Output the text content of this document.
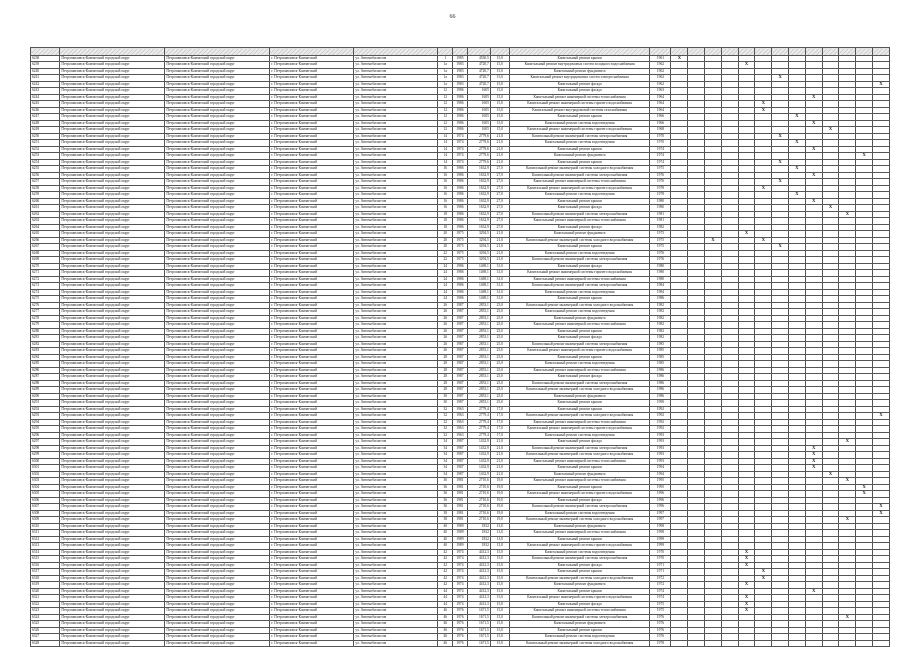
66

6238	Петропавловск-Камчатский городской округ	Петропавловск-Камчатский городской округ	г. Петропавловск-Камчатский	ул. Автомобилистов	1	1985	4530,5	15,0	Капитальный ремонт крыши	1961	X												
6239	Петропавловск-Камчатский городской округ	Петропавловск-Камчатский городской округ	г. Петропавловск-Камчатский	ул. Автомобилистов	1а	1983	4720,7	15,0	Капитальный ремонт внутридомовых систем холодного водоснабжения	1962					X								
6240	Петропавловск-Камчатский городской округ	Петропавловск-Камчатский городской округ	г. Петропавловск-Камчатский	ул. Автомобилистов	1а	1983	4720,7	15,0	Капитальный ремонт фундамента	1962													
6241	Петропавловск-Камчатский городской округ	Петропавловск-Камчатский городской округ	г. Петропавловск-Камчатский	ул. Автомобилистов	1а	1983	4720,7	15,0	Капитальный ремонт внутридомовых систем электроснабжения	1962							X						
6242	Петропавловск-Камчатский городской округ	Петропавловск-Камчатский городской округ	г. Петропавловск-Камчатский	ул. Автомобилистов	1а	1983	4720,7	15,0	Капитальный ремонт фасада	1962													X
6243	Петропавловск-Камчатский городской округ	Петропавловск-Камчатский городской округ	г. Петропавловск-Камчатский	ул. Автомобилистов	12	1986	1605	15,0	Капитальный ремонт фасада	1963													
6244	Петропавловск-Камчатский городской округ	Петропавловск-Камчатский городской округ	г. Петропавловск-Камчатский	ул. Автомобилистов	12	1986	1605	15,0	Капитальный ремонт инженерной системы теплоснабжения	1964									X				
6245	Петропавловск-Камчатский городской округ	Петропавловск-Камчатский городской округ	г. Петропавловск-Камчатский	ул. Автомобилистов	12	1986	1605	15,0	Капитальный ремонт инженерной системы горячего водоснабжения	1964						X							
6246	Петропавловск-Камчатский городской округ	Петропавловск-Камчатский городской округ	г. Петропавловск-Камчатский	ул. Автомобилистов	12	1986	1605	15,0	Капитальный ремонт внутридомовой системы газоснабжения	1964						X							
6247	Петропавловск-Камчатский городской округ	Петропавловск-Камчатский городской округ	г. Петропавловск-Камчатский	ул. Автомобилистов	12	1986	1605	15,0	Капитальный ремонт крыши	1966								X					
6248	Петропавловск-Камчатский городской округ	Петропавловск-Камчатский городской округ	г. Петропавловск-Камчатский	ул. Автомобилистов	12	1986	1605	15,0	Капитальный ремонт системы водоотведения	1966									X				
6249	Петропавловск-Камчатский городской округ	Петропавловск-Камчатский городской округ	г. Петропавловск-Камчатский	ул. Автомобилистов	12	1986	1605	15,0	Капитальный ремонт инженерной системы горячего водоснабжения	1968										X			
6250	Петропавловск-Камчатский городской округ	Петропавловск-Камчатский городской округ	г. Петропавловск-Камчатский	ул. Автомобилистов	14	1974	2779,6	21,0	Капитальный ремонт инженерной системы электроснабжения	1970							X						
6251	Петропавловск-Камчатский городской округ	Петропавловск-Камчатский городской округ	г. Петропавловск-Камчатский	ул. Автомобилистов	14	1974	2779,6	21,0	Капитальный ремонт системы водоотведения	1970								X					
6252	Петропавловск-Камчатский городской округ	Петропавловск-Камчатский городской округ	г. Петропавловск-Камчатский	ул. Автомобилистов	14	1974	2779,6	21,0	Капитальный ремонт крыши	1974									X				
6253	Петропавловск-Камчатский городской округ	Петропавловск-Камчатский городской округ	г. Петропавловск-Камчатский	ул. Автомобилистов	14	1974	2779,6	21,0	Капитальный ремонт фундамента	1974												X	
6254	Петропавловск-Камчатский городской округ	Петропавловск-Камчатский городской округ	г. Петропавловск-Камчатский	ул. Автомобилистов	14	1974	2779,6	21,0	Капитальный ремонт крыши	1974							X						
6255	Петропавловск-Камчатский городской округ	Петропавловск-Камчатский городской округ	г. Петропавловск-Камчатский	ул. Автомобилистов	16	1986	1632,9	27,0	Капитальный ремонт инженерной системы холодного водоснабжения	1975								X					
6256	Петропавловск-Камчатский городской округ	Петропавловск-Камчатский городской округ	г. Петропавловск-Камчатский	ул. Автомобилистов	16	1986	1632,9	27,0	Капитальный ремонт инженерной системы электроснабжения	1976									X				
6257	Петропавловск-Камчатский городской округ	Петропавловск-Камчатский городской округ	г. Петропавловск-Камчатский	ул. Автомобилистов	16	1986	1632,9	27,0	Капитальный ремонт инженерной системы теплоснабжения	1976							X						
6258	Петропавловск-Камчатский городской округ	Петропавловск-Камчатский городской округ	г. Петропавловск-Камчатский	ул. Автомобилистов	16	1986	1632,9	27,0	Капитальный ремонт инженерной системы горячего водоснабжения	1978						X							
6259	Петропавловск-Камчатский городской округ	Петропавловск-Камчатский городской округ	г. Петропавловск-Камчатский	ул. Автомобилистов	16	1986	1632,9	27,0	Капитальный ремонт системы водоотведения	1978								X					
6260	Петропавловск-Камчатский городской округ	Петропавловск-Камчатский городской округ	г. Петропавловск-Камчатский	ул. Автомобилистов	16	1986	1632,9	27,0	Капитальный ремонт крыши	1980									X				
6261	Петропавловск-Камчатский городской округ	Петропавловск-Камчатский городской округ	г. Петропавловск-Камчатский	ул. Автомобилистов	16	1986	1632,9	27,0	Капитальный ремонт фасада	1980										X			
6262	Петропавловск-Камчатский городской округ	Петропавловск-Камчатский городской округ	г. Петропавловск-Камчатский	ул. Автомобилистов	18	1986	1632,9	27,0	Капитальный ремонт инженерной системы электроснабжения	1981											X		
6263	Петропавловск-Камчатский городской округ	Петропавловск-Камчатский городской округ	г. Петропавловск-Камчатский	ул. Автомобилистов	18	1986	1632,9	27,0	Капитальный ремонт инженерной системы теплоснабжения	1981													
6264	Петропавловск-Камчатский городской округ	Петропавловск-Камчатский городской округ	г. Петропавловск-Камчатский	ул. Автомобилистов	18	1986	1632,9	27,0	Капитальный ремонт фасада	1982													
6265	Петропавловск-Камчатский городской округ	Петропавловск-Камчатский городской округ	г. Петропавловск-Камчатский	ул. Автомобилистов	20	1975	3294,5	21,0	Капитальный ремонт фундамента	1975					X								
6266	Петропавловск-Камчатский городской округ	Петропавловск-Камчатский городской округ	г. Петропавловск-Камчатский	ул. Автомобилистов	20	1975	3294,5	21,0	Капитальный ремонт инженерной системы холодного водоснабжения	1975			X			X							
6267	Петропавловск-Камчатский городской округ	Петропавловск-Камчатский городской округ	г. Петропавловск-Камчатский	ул. Автомобилистов	20	1975	3294,5	21,0	Капитальный ремонт крыши	1975							X						
6268	Петропавловск-Камчатский городской округ	Петропавловск-Камчатский городской округ	г. Петропавловск-Камчатский	ул. Автомобилистов	22	1975	3294,5	21,0	Капитальный ремонт системы водоотведения	1976													
6269	Петропавловск-Камчатский городской округ	Петропавловск-Камчатский городской округ	г. Петропавловск-Камчатский	ул. Автомобилистов	22	1975	3294,5	21,0	Капитальный ремонт инженерной системы электроснабжения	1976													
6270	Петропавловск-Камчатский городской округ	Петропавловск-Камчатский городской округ	г. Петропавловск-Камчатский	ул. Автомобилистов	24	1986	1469,1	31,0	Капитальный ремонт фасада	1980													
6271	Петропавловск-Камчатский городской округ	Петропавловск-Камчатский городской округ	г. Петропавловск-Камчатский	ул. Автомобилистов	24	1986	1469,1	31,0	Капитальный ремонт инженерной системы горячего водоснабжения	1980													
6272	Петропавловск-Камчатский городской округ	Петропавловск-Камчатский городской округ	г. Петропавловск-Камчатский	ул. Автомобилистов	24	1986	1469,1	31,0	Капитальный ремонт инженерной системы теплоснабжения	1980													
6273	Петропавловск-Камчатский городской округ	Петропавловск-Камчатский городской округ	г. Петропавловск-Камчатский	ул. Автомобилистов	24	1986	1469,1	31,0	Капитальный ремонт инженерной системы электроснабжения	1984													
6274	Петропавловск-Камчатский городской округ	Петропавловск-Камчатский городской округ	г. Петропавловск-Камчатский	ул. Автомобилистов	24	1986	1469,1	31,0	Капитальный ремонт системы водоотведения	1984													
6275	Петропавловск-Камчатский городской округ	Петропавловск-Камчатский городской округ	г. Петропавловск-Камчатский	ул. Автомобилистов	24	1986	1469,1	31,0	Капитальный ремонт крыши	1986													
6276	Петропавловск-Камчатский городской округ	Петропавловск-Камчатский городской округ	г. Петропавловск-Камчатский	ул. Автомобилистов	26	1987	2853,1	25,0	Капитальный ремонт инженерной системы холодного водоснабжения	1982													
6277	Петропавловск-Камчатский городской округ	Петропавловск-Камчатский городской округ	г. Петропавловск-Камчатский	ул. Автомобилистов	26	1987	2853,1	25,0	Капитальный ремонт системы водоотведения	1982													
6278	Петропавловск-Камчатский городской округ	Петропавловск-Камчатский городской округ	г. Петропавловск-Камчатский	ул. Автомобилистов	26	1987	2853,1	25,0	Капитальный ремонт фундамента	1982													
6279	Петропавловск-Камчатский городской округ	Петропавловск-Камчатский городской округ	г. Петропавловск-Камчатский	ул. Автомобилистов	26	1987	2853,1	25,0	Капитальный ремонт инженерной системы теплоснабжения	1982													
6280	Петропавловск-Камчатский городской округ	Петропавловск-Камчатский городской округ	г. Петропавловск-Камчатский	ул. Автомобилистов	26	1987	2853,1	25,0	Капитальный ремонт крыши	1982													
6281	Петропавловск-Камчатский городской округ	Петропавловск-Камчатский городской округ	г. Петропавловск-Камчатский	ул. Автомобилистов	26	1987	2853,1	25,0	Капитальный ремонт фасада	1982													
6282	Петропавловск-Камчатский городской округ	Петропавловск-Камчатский городской округ	г. Петропавловск-Камчатский	ул. Автомобилистов	26	1987	2853,1	25,0	Капитальный ремонт инженерной системы электроснабжения	1985													
6283	Петропавловск-Камчатский городской округ	Петропавловск-Камчатский городской округ	г. Петропавловск-Камчатский	ул. Автомобилистов	26	1987	2853,1	25,0	Капитальный ремонт инженерной системы горячего водоснабжения	1985													
6284	Петропавловск-Камчатский городской округ	Петропавловск-Камчатский городской округ	г. Петропавловск-Камчатский	ул. Автомобилистов	28	1987	2853,1	25,0	Капитальный ремонт крыши	1985													
6285	Петропавловск-Камчатский городской округ	Петропавловск-Камчатский городской округ	г. Петропавловск-Камчатский	ул. Автомобилистов	28	1987	2853,1	25,0	Капитальный ремонт системы водоотведения	1985													
6286	Петропавловск-Камчатский городской округ	Петропавловск-Камчатский городской округ	г. Петропавловск-Камчатский	ул. Автомобилистов	28	1987	2853,1	25,0	Капитальный ремонт инженерной системы теплоснабжения	1986													
6287	Петропавловск-Камчатский городской округ	Петропавловск-Камчатский городской округ	г. Петропавловск-Камчатский	ул. Автомобилистов	28	1987	2853,1	25,0	Капитальный ремонт фасада	1986													
6288	Петропавловск-Камчатский городской округ	Петропавловск-Камчатский городской округ	г. Петропавловск-Камчатский	ул. Автомобилистов	28	1987	2853,1	25,0	Капитальный ремонт инженерной системы электроснабжения	1986													
6289	Петропавловск-Камчатский городской округ	Петропавловск-Камчатский городской округ	г. Петропавловск-Камчатский	ул. Автомобилистов	28	1987	2853,1	25,0	Капитальный ремонт инженерной системы холодного водоснабжения	1986													
6290	Петропавловск-Камчатский городской округ	Петропавловск-Камчатский городской округ	г. Петропавловск-Камчатский	ул. Автомобилистов	30	1987	2853,1	25,0	Капитальный ремонт фундамента	1986													
6291	Петропавловск-Камчатский городской округ	Петропавловск-Камчатский городской округ	г. Петропавловск-Камчатский	ул. Автомобилистов	30	1987	2853,1	25,0	Капитальный ремонт крыши	1990													
6292	Петропавловск-Камчатский городской округ	Петропавловск-Камчатский городской округ	г. Петропавловск-Камчатский	ул. Автомобилистов	32	1963	2779,4	17,0	Капитальный ремонт крыши	1992													
6293	Петропавловск-Камчатский городской округ	Петропавловск-Камчатский городской округ	г. Петропавловск-Камчатский	ул. Автомобилистов	32	1963	2779,4	17,0	Капитальный ремонт инженерной системы холодного водоснабжения	1992													X
6294	Петропавловск-Камчатский городской округ	Петропавловск-Камчатский городской округ	г. Петропавловск-Камчатский	ул. Автомобилистов	32	1963	2779,4	17,0	Капитальный ремонт инженерной системы теплоснабжения	1992													
6295	Петропавловск-Камчатский городской округ	Петропавловск-Камчатский городской округ	г. Петропавловск-Камчатский	ул. Автомобилистов	32	1963	2779,4	17,0	Капитальный ремонт инженерной системы горячего водоснабжения	1992													
6296	Петропавловск-Камчатский городской округ	Петропавловск-Камчатский городской округ	г. Петропавловск-Камчатский	ул. Автомобилистов	32	1963	2779,4	17,0	Капитальный ремонт системы водоотведения	1993													
6297	Петропавловск-Камчатский городской округ	Петропавловск-Камчатский городской округ	г. Петропавловск-Камчатский	ул. Автомобилистов	34	1987	1432,9	21,0	Капитальный ремонт фасада	1993											X		
6298	Петропавловск-Камчатский городской округ	Петропавловск-Камчатский городской округ	г. Петропавловск-Камчатский	ул. Автомобилистов	34	1987	1432,9	21,0	Капитальный ремонт инженерной системы электроснабжения	1993									X				
6299	Петропавловск-Камчатский городской округ	Петропавловск-Камчатский городской округ	г. Петропавловск-Камчатский	ул. Автомобилистов	34	1987	1432,9	21,0	Капитальный ремонт инженерной системы холодного водоснабжения	1993									X				
6300	Петропавловск-Камчатский городской округ	Петропавловск-Камчатский городской округ	г. Петропавловск-Камчатский	ул. Автомобилистов	34	1987	1432,9	21,0	Капитальный ремонт инженерной системы теплоснабжения	1993									X				
6301	Петропавловск-Камчатский городской округ	Петропавловск-Камчатский городской округ	г. Петропавловск-Камчатский	ул. Автомобилистов	34	1987	1432,9	21,0	Капитальный ремонт крыши	1994									X				
6302	Петропавловск-Камчатский городской округ	Петропавловск-Камчатский городской округ	г. Петропавловск-Камчатский	ул. Автомобилистов	34	1987	1432,9	21,0	Капитальный ремонт фундамента	1994										X			
6303	Петропавловск-Камчатский городской округ	Петропавловск-Камчатский городской округ	г. Петропавловск-Камчатский	ул. Автомобилистов	36	1981	2710,6	19,0	Капитальный ремонт инженерной системы теплоснабжения	1995											X		
6304	Петропавловск-Камчатский городской округ	Петропавловск-Камчатский городской округ	г. Петропавловск-Камчатский	ул. Автомобилистов	36	1981	2710,6	19,0	Капитальный ремонт крыши	1995												X	
6305	Петропавловск-Камчатский городской округ	Петропавловск-Камчатский городской округ	г. Петропавловск-Камчатский	ул. Автомобилистов	36	1981	2710,6	19,0	Капитальный ремонт инженерной системы горячего водоснабжения	1996												X	
6306	Петропавловск-Камчатский городской округ	Петропавловск-Камчатский городской округ	г. Петропавловск-Камчатский	ул. Автомобилистов	36	1981	2710,6	19,0	Капитальный ремонт фасада	1996													
6307	Петропавловск-Камчатский городской округ	Петропавловск-Камчатский городской округ	г. Петропавловск-Камчатский	ул. Автомобилистов	36	1981	2710,6	19,0	Капитальный ремонт инженерной системы электроснабжения	1996													X
6308	Петропавловск-Камчатский городской округ	Петропавловск-Камчатский городской округ	г. Петропавловск-Камчатский	ул. Автомобилистов	38	1981	2710,6	19,0	Капитальный ремонт системы водоотведения	1997													X
6309	Петропавловск-Камчатский городской округ	Петропавловск-Камчатский городской округ	г. Петропавловск-Камчатский	ул. Автомобилистов	38	1981	2710,6	19,0	Капитальный ремонт инженерной системы холодного водоснабжения	1997											X		
6310	Петропавловск-Камчатский городской округ	Петропавловск-Камчатский городской округ	г. Петропавловск-Камчатский	ул. Автомобилистов	40	1989	1832	13,0	Капитальный ремонт фундамента	1998													
6311	Петропавловск-Камчатский городской округ	Петропавловск-Камчатский городской округ	г. Петропавловск-Камчатский	ул. Автомобилистов	40	1989	1832	13,0	Капитальный ремонт инженерной системы теплоснабжения	1998													
6312	Петропавловск-Камчатский городской округ	Петропавловск-Камчатский городской округ	г. Петропавловск-Камчатский	ул. Автомобилистов	40	1989	1832	13,0	Капитальный ремонт крыши	1999													
6313	Петропавловск-Камчатский городской округ	Петропавловск-Камчатский городской округ	г. Петропавловск-Камчатский	ул. Автомобилистов	40	1989	1832	13,0	Капитальный ремонт инженерной системы горячего водоснабжения	1999													
6314	Петропавловск-Камчатский городской округ	Петропавловск-Камчатский городской округ	г. Петропавловск-Камчатский	ул. Автомобилистов	42	1974	4412,3	15,0	Капитальный ремонт системы водоотведения	1970					X								
6315	Петропавловск-Камчатский городской округ	Петропавловск-Камчатский городской округ	г. Петропавловск-Камчатский	ул. Автомобилистов	42	1974	4412,3	15,0	Капитальный ремонт инженерной системы электроснабжения	1970					X								
6316	Петропавловск-Камчатский городской округ	Петропавловск-Камчатский городской округ	г. Петропавловск-Камчатский	ул. Автомобилистов	42	1974	4412,3	15,0	Капитальный ремонт фасада	1971					X								
6317	Петропавловск-Камчатский городской округ	Петропавловск-Камчатский городской округ	г. Петропавловск-Камчатский	ул. Автомобилистов	42	1974	4412,3	15,0	Капитальный ремонт крыши	1971						X							
6318	Петропавловск-Камчатский городской округ	Петропавловск-Камчатский городской округ	г. Петропавловск-Камчатский	ул. Автомобилистов	42	1974	4412,3	15,0	Капитальный ремонт инженерной системы холодного водоснабжения	1972						X							
6319	Петропавловск-Камчатский городской округ	Петропавловск-Камчатский городской округ	г. Петропавловск-Камчатский	ул. Автомобилистов	42	1974	4412,3	15,0	Капитальный ремонт фундамента	1972					X								
6320	Петропавловск-Камчатский городской округ	Петропавловск-Камчатский городской округ	г. Петропавловск-Камчатский	ул. Автомобилистов	44	1974	4412,3	15,0	Капитальный ремонт крыши	1974									X				
6321	Петропавловск-Камчатский городской округ	Петропавловск-Камчатский городской округ	г. Петропавловск-Камчатский	ул. Автомобилистов	44	1974	4412,3	15,0	Капитальный ремонт инженерной системы горячего водоснабжения	1974					X								
6322	Петропавловск-Камчатский городской округ	Петропавловск-Камчатский городской округ	г. Петропавловск-Камчатский	ул. Автомобилистов	44	1974	4412,3	15,0	Капитальный ремонт фасада	1975					X								
6323	Петропавловск-Камчатский городской округ	Петропавловск-Камчатский городской округ	г. Петропавловск-Камчатский	ул. Автомобилистов	46	1976	1671,5	15,0	Капитальный ремонт инженерной системы теплоснабжения	1975					X								
6324	Петропавловск-Камчатский городской округ	Петропавловск-Камчатский городской округ	г. Петропавловск-Камчатский	ул. Автомобилистов	46	1976	1671,5	15,0	Капитальный ремонт инженерной системы электроснабжения	1976											X		
6325	Петропавловск-Камчатский городской округ	Петропавловск-Камчатский городской округ	г. Петропавловск-Камчатский	ул. Автомобилистов	46	1976	1671,5	15,0	Капитальный ремонт фундамента	1976													
6326	Петропавловск-Камчатский городской округ	Петропавловск-Камчатский городской округ	г. Петропавловск-Камчатский	ул. Автомобилистов	46	1976	1671,5	15,0	Капитальный ремонт крыши	1976													
6327	Петропавловск-Камчатский городской округ	Петропавловск-Камчатский городской округ	г. Петропавловск-Камчатский	ул. Автомобилистов	46	1976	1671,5	15,0	Капитальный ремонт системы водоотведения	1976													
6328	Петропавловск-Камчатский городской округ	Петропавловск-Камчатский городской округ	г. Петропавловск-Камчатский	ул. Автомобилистов	46	1976	1671,5	15,0	Капитальный ремонт инженерной системы холодного водоснабжения	1978													
